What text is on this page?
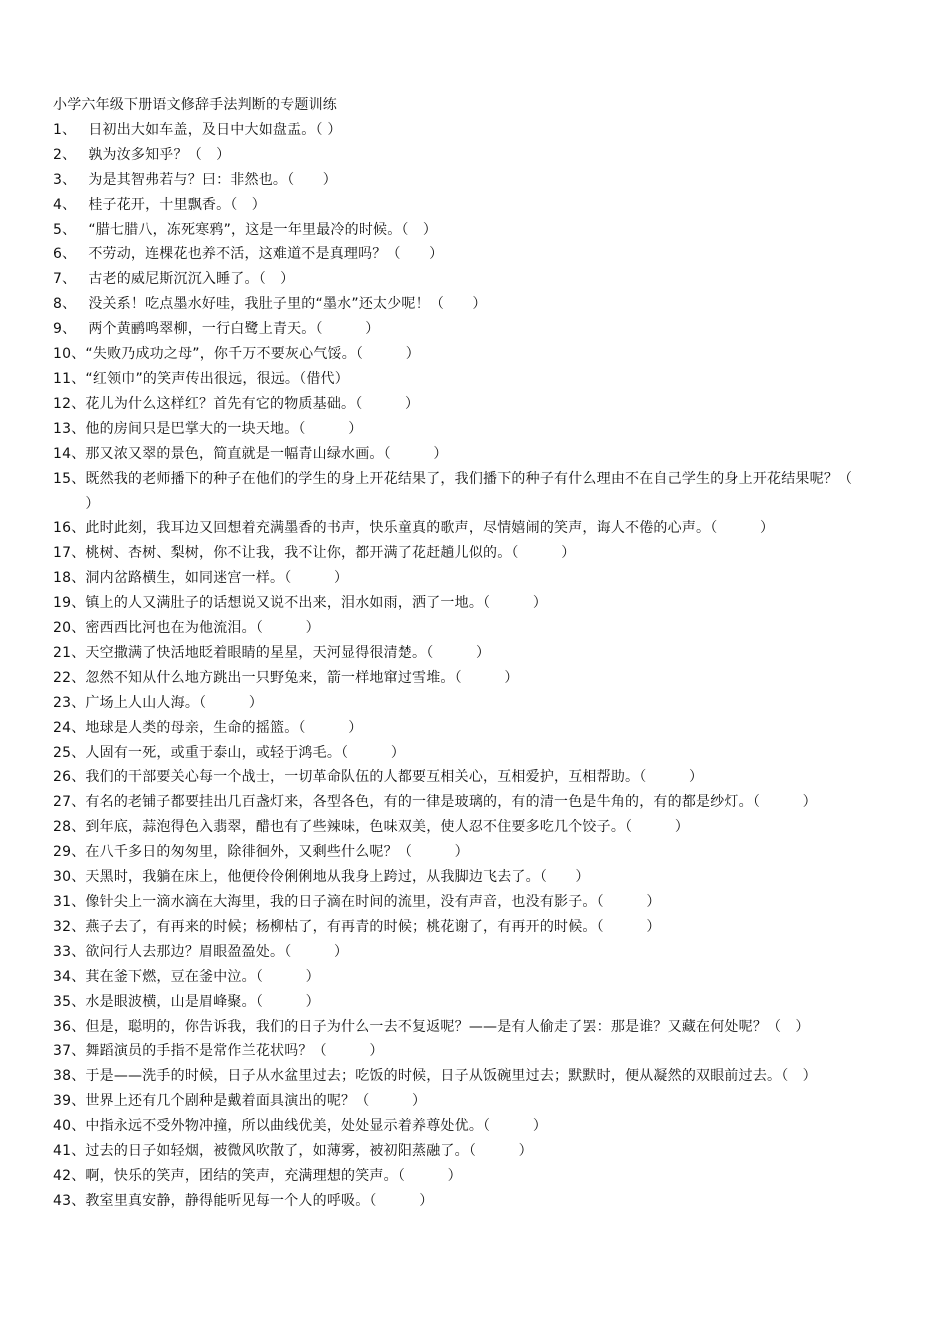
小学六年级下册语文修辞手法判断的专题训练
1、 日初出大如车盖，及日中大如盘盂。（ ）
2、 孰为汝多知乎？（　）
3、 为是其智弗若与？曰：非然也。（　　）
4、 桂子花开，十里飘香。（　）
5、 “腊七腊八，冻死寒鸦”，这是一年里最冷的时候。（　）
6、 不劳动，连棵花也养不活，这难道不是真理吗？（　　）
7、 古老的威尼斯沉沉入睡了。（　）
8、 没关系！吃点墨水好哇，我肚子里的“墨水”还太少呢！（　　）
9、 两个黄鹂鸣翠柳，一行白鹭上青天。（　　　）
10、 “失败乃成功之母”，你千万不要灰心气馁。（　　　）
11、 “红领巾”的笑声传出很远，很远。（借代）
12、 花儿为什么这样红？首先有它的物质基础。（　　　）
13、 他的房间只是巴掌大的一块天地。（　　　）
14、 那又浓又翠的景色，简直就是一幅青山绿水画。（　　　）
15、 既然我的老师播下的种子在他们的学生的身上开花结果了，我们播下的种子有什么理由不在自己学生的身上开花结果呢？（　　　）
16、 此时此刻，我耳边又回想着充满墨香的书声，快乐童真的歌声，尽情嬉闹的笑声，诲人不倦的心声。（　　　）
17、 桃树、杏树、梨树，你不让我，我不让你，都开满了花赶趟儿似的。（　　　）
18、 洞内岔路横生，如同迷宫一样。（　　　）
19、 镇上的人又满肚子的话想说又说不出来，泪水如雨，洒了一地。（　　　）
20、 密西西比河也在为他流泪。（　　　）
21、 天空撒满了快活地眨着眼睛的星星，天河显得很清楚。（　　　）
22、 忽然不知从什么地方跳出一只野兔来，箭一样地窜过雪堆。（　　　）
23、 广场上人山人海。（　　　）
24、 地球是人类的母亲，生命的摇篮。（　　　）
25、 人固有一死，或重于泰山，或轻于鸿毛。（　　　）
26、 我们的干部要关心每一个战士，一切革命队伍的人都要互相关心，互相爱护，互相帮助。（　　　）
27、 有名的老铺子都要挂出几百盏灯来，各型各色，有的一律是玻璃的，有的清一色是牛角的，有的都是纱灯。（　　　）
28、 到年底，蒜泡得色入翡翠，醋也有了些辣味，色味双美，使人忍不住要多吃几个饺子。（　　　）
29、 在八千多日的匆匆里，除徘徊外，又剩些什么呢？（　　　）
30、 天黑时，我躺在床上，他便伶伶俐俐地从我身上跨过，从我脚边飞去了。（　　）
31、 像针尖上一滴水滴在大海里，我的日子滴在时间的流里，没有声音，也没有影子。（　　　）
32、 燕子去了，有再来的时候；杨柳枯了，有再青的时候；桃花谢了，有再开的时候。（　　　）
33、 欲问行人去那边？眉眼盈盈处。（　　　）
34、 萁在釜下燃，豆在釜中泣。（　　　）
35、 水是眼波横，山是眉峰聚。（　　　）
36、 但是，聪明的，你告诉我，我们的日子为什么一去不复返呢？——是有人偷走了罢：那是谁？又藏在何处呢？（　）
37、 舞蹈演员的手指不是常作兰花状吗？（　　　）
38、 于是——洗手的时候，日子从水盆里过去；吃饭的时候，日子从饭碗里过去；默默时，便从凝然的双眼前过去。（　）
39、 世界上还有几个剧种是戴着面具演出的呢？（　　　）
40、 中指永远不受外物冲撞，所以曲线优美，处处显示着养尊处优。（　　　）
41、 过去的日子如轻烟，被微风吹散了，如薄雾，被初阳蒸融了。（　　　）
42、 啊，快乐的笑声，团结的笑声，充满理想的笑声。（　　　）
43、 教室里真安静，静得能听见每一个人的呼吸。（　　　）
